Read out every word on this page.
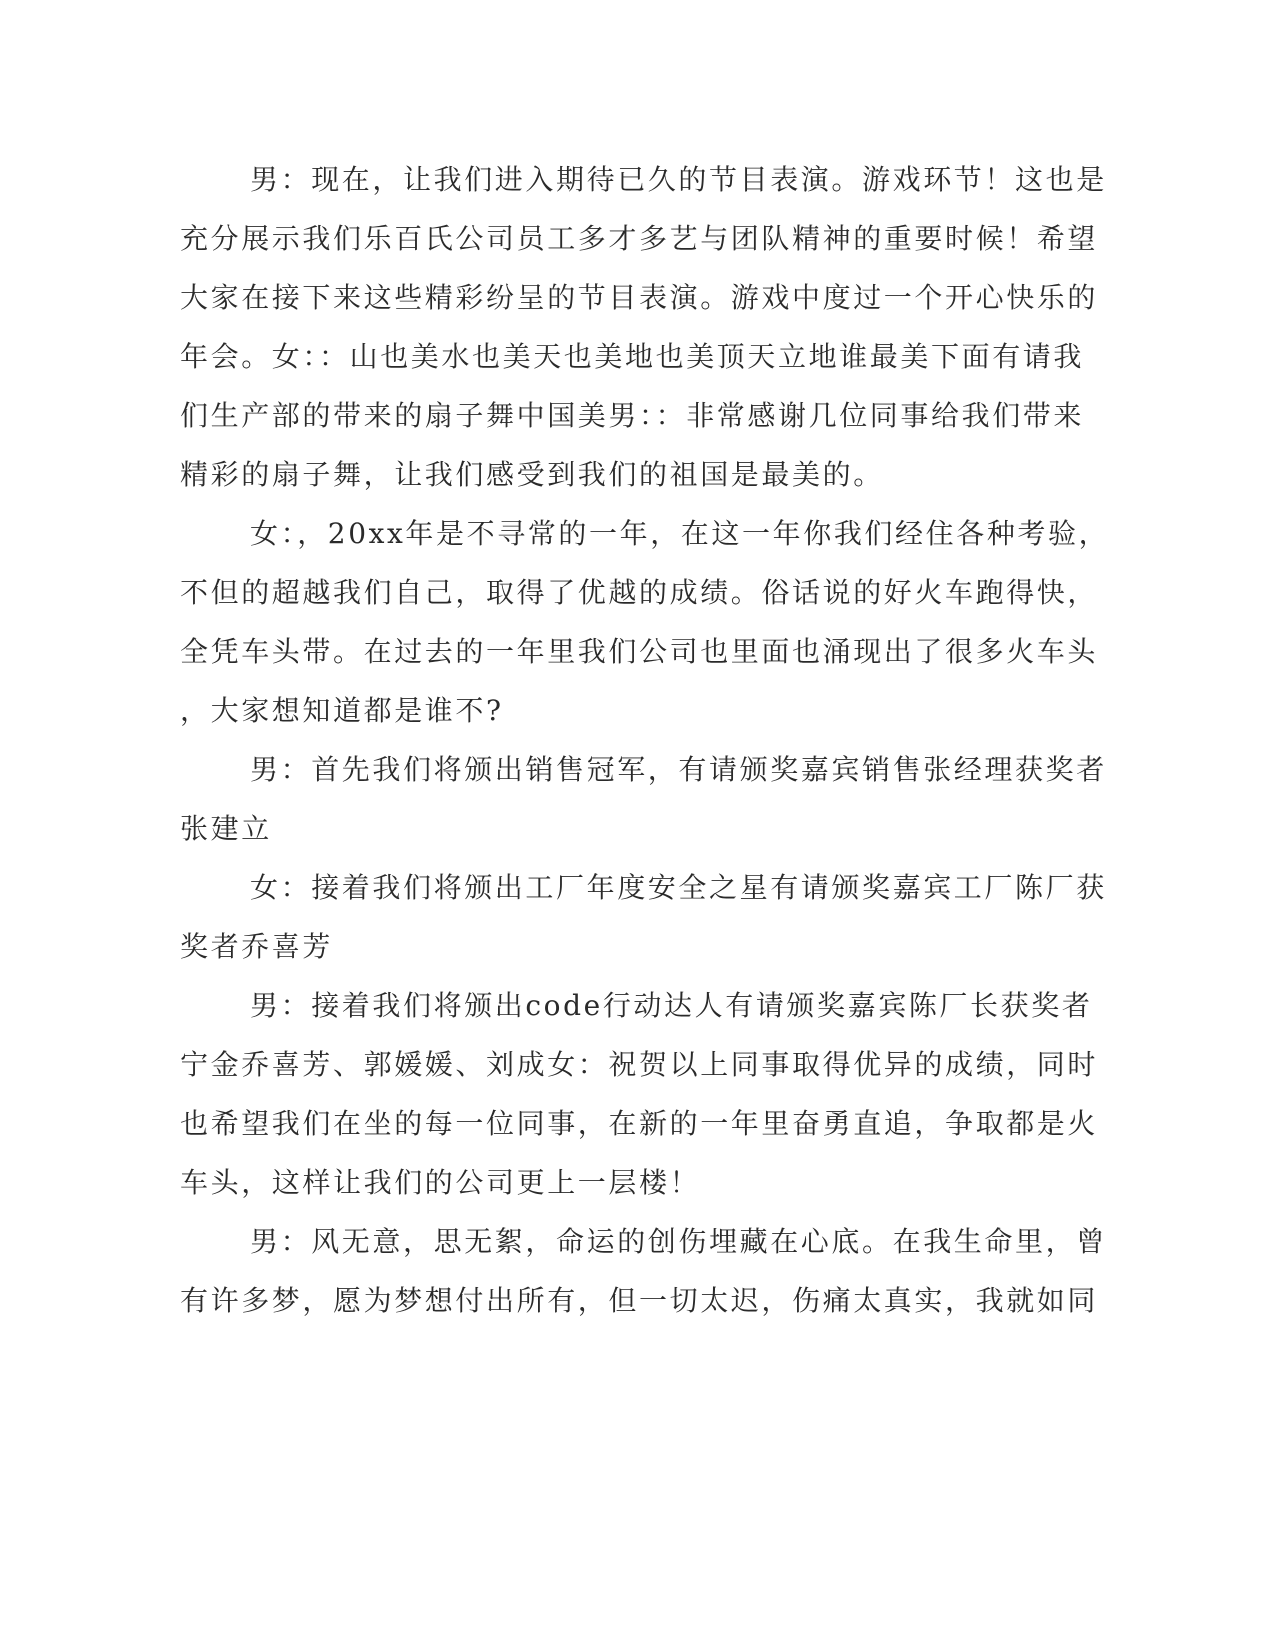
男：现在，让我们进入期待已久的节目表演。游戏环节！这也是
充分展示我们乐百氏公司员工多才多艺与团队精神的重要时候！希望
大家在接下来这些精彩纷呈的节目表演。游戏中度过一个开心快乐的
年会。女：：山也美水也美天也美地也美顶天立地谁最美下面有请我
们生产部的带来的扇子舞中国美男：：非常感谢几位同事给我们带来
精彩的扇子舞，让我们感受到我们的祖国是最美的。
女：，20xx年是不寻常的一年，在这一年你我们经住各种考验，
不但的超越我们自己，取得了优越的成绩。俗话说的好火车跑得快，
全凭车头带。在过去的一年里我们公司也里面也涌现出了很多火车头
，大家想知道都是谁不?
男：首先我们将颁出销售冠军，有请颁奖嘉宾销售张经理获奖者
张建立
女：接着我们将颁出工厂年度安全之星有请颁奖嘉宾工厂陈厂获
奖者乔喜芳
男：接着我们将颁出code行动达人有请颁奖嘉宾陈厂长获奖者
宁金乔喜芳、郭媛媛、刘成女：祝贺以上同事取得优异的成绩，同时
也希望我们在坐的每一位同事，在新的一年里奋勇直追，争取都是火
车头，这样让我们的公司更上一层楼！
男：风无意，思无絮，命运的创伤埋藏在心底。在我生命里，曾
有许多梦，愿为梦想付出所有，但一切太迟，伤痛太真实，我就如同
